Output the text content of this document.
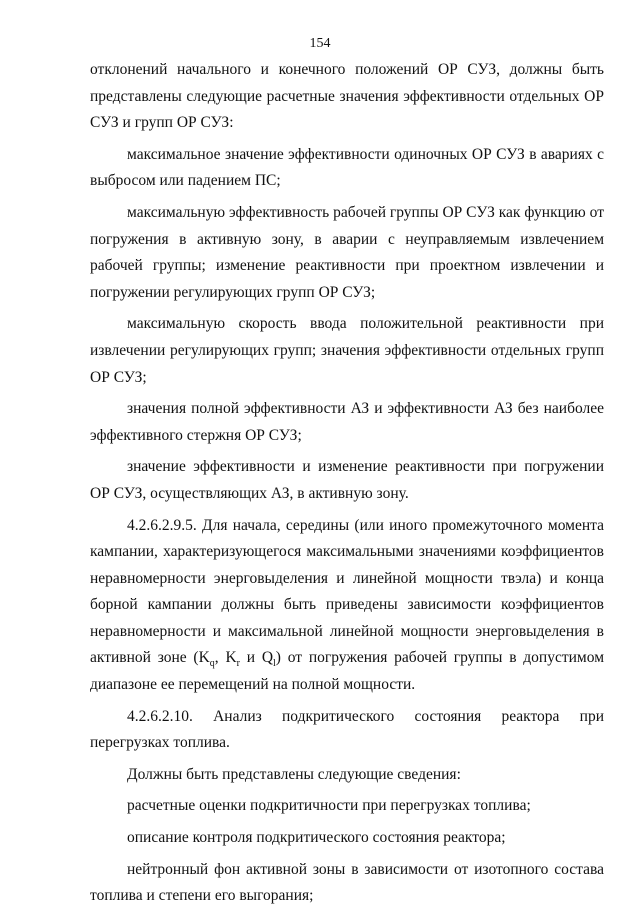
154

отклонений начального и конечного положений ОР СУЗ, должны быть представлены следующие расчетные значения эффективности отдельных ОР СУЗ и групп ОР СУЗ:

максимальное значение эффективности одиночных ОР СУЗ в авариях с выбросом или падением ПС;

максимальную эффективность рабочей группы ОР СУЗ как функцию от погружения в активную зону, в аварии с неуправляемым извлечением рабочей группы; изменение реактивности при проектном извлечении и погружении регулирующих групп ОР СУЗ;

максимальную скорость ввода положительной реактивности при извлечении регулирующих групп; значения эффективности отдельных групп ОР СУЗ;

значения полной эффективности АЗ и эффективности АЗ без наиболее эффективного стержня ОР СУЗ;

значение эффективности и изменение реактивности при погружении ОР СУЗ, осуществляющих АЗ, в активную зону.

4.2.6.2.9.5. Для начала, середины (или иного промежуточного момента кампании, характеризующегося максимальными значениями коэффициентов неравномерности энерговыделения и линейной мощности твэла) и конца борной кампании должны быть приведены зависимости коэффициентов неравномерности и максимальной линейной мощности энерговыделения в активной зоне ($K_q$, $K_r$ и $Q_l$) от погружения рабочей группы в допустимом диапазоне ее перемещений на полной мощности.

4.2.6.2.10. Анализ подкритического состояния реактора при перегрузках топлива.

Должны быть представлены следующие сведения:

расчетные оценки подкритичности при перегрузках топлива;

описание контроля подкритического состояния реактора;

нейтронный фон активной зоны в зависимости от изотопного состава топлива и степени его выгорания;
